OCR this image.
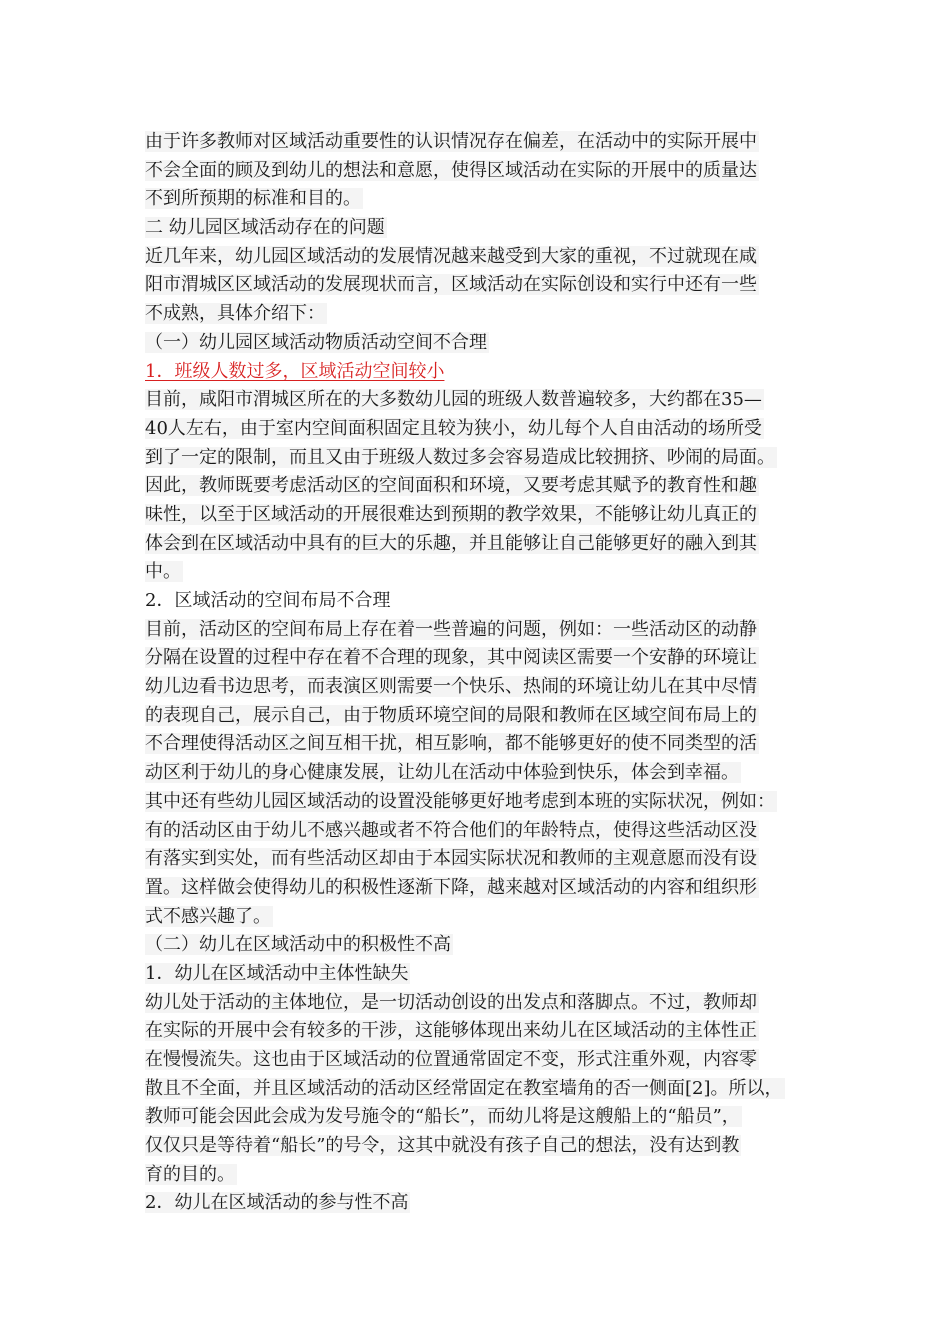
由于许多教师对区域活动重要性的认识情况存在偏差，在活动中的实际开展中
不会全面的顾及到幼儿的想法和意愿，使得区域活动在实际的开展中的质量达
不到所预期的标准和目的。
二 幼儿园区域活动存在的问题
近几年来，幼儿园区域活动的发展情况越来越受到大家的重视，不过就现在咸
阳市渭城区区域活动的发展现状而言，区域活动在实际创设和实行中还有一些
不成熟，具体介绍下：
（一）幼儿园区域活动物质活动空间不合理
1．班级人数过多，区域活动空间较小
目前，咸阳市渭城区所在的大多数幼儿园的班级人数普遍较多，大约都在35—
40人左右，由于室内空间面积固定且较为狭小，幼儿每个人自由活动的场所受
到了一定的限制，而且又由于班级人数过多会容易造成比较拥挤、吵闹的局面。
因此，教师既要考虑活动区的空间面积和环境，又要考虑其赋予的教育性和趣
味性，以至于区域活动的开展很难达到预期的教学效果，不能够让幼儿真正的
体会到在区域活动中具有的巨大的乐趣，并且能够让自己能够更好的融入到其
中。
2．区域活动的空间布局不合理
目前，活动区的空间布局上存在着一些普遍的问题，例如：一些活动区的动静
分隔在设置的过程中存在着不合理的现象，其中阅读区需要一个安静的环境让
幼儿边看书边思考，而表演区则需要一个快乐、热闹的环境让幼儿在其中尽情
的表现自己，展示自己，由于物质环境空间的局限和教师在区域空间布局上的
不合理使得活动区之间互相干扰，相互影响，都不能够更好的使不同类型的活
动区利于幼儿的身心健康发展，让幼儿在活动中体验到快乐，体会到幸福。
其中还有些幼儿园区域活动的设置没能够更好地考虑到本班的实际状况，例如：
有的活动区由于幼儿不感兴趣或者不符合他们的年龄特点，使得这些活动区没
有落实到实处，而有些活动区却由于本园实际状况和教师的主观意愿而没有设
置。这样做会使得幼儿的积极性逐渐下降，越来越对区域活动的内容和组织形
式不感兴趣了。
（二）幼儿在区域活动中的积极性不高
1．幼儿在区域活动中主体性缺失
幼儿处于活动的主体地位，是一切活动创设的出发点和落脚点。不过，教师却
在实际的开展中会有较多的干涉，这能够体现出来幼儿在区域活动的主体性正
在慢慢流失。这也由于区域活动的位置通常固定不变，形式注重外观，内容零
散且不全面，并且区域活动的活动区经常固定在教室墙角的否一侧面[2]。所以，
教师可能会因此会成为发号施令的“船长”，而幼儿将是这艘船上的“船员”，
仅仅只是等待着“船长”的号令，这其中就没有孩子自己的想法，没有达到教
育的目的。
2．幼儿在区域活动的参与性不高
